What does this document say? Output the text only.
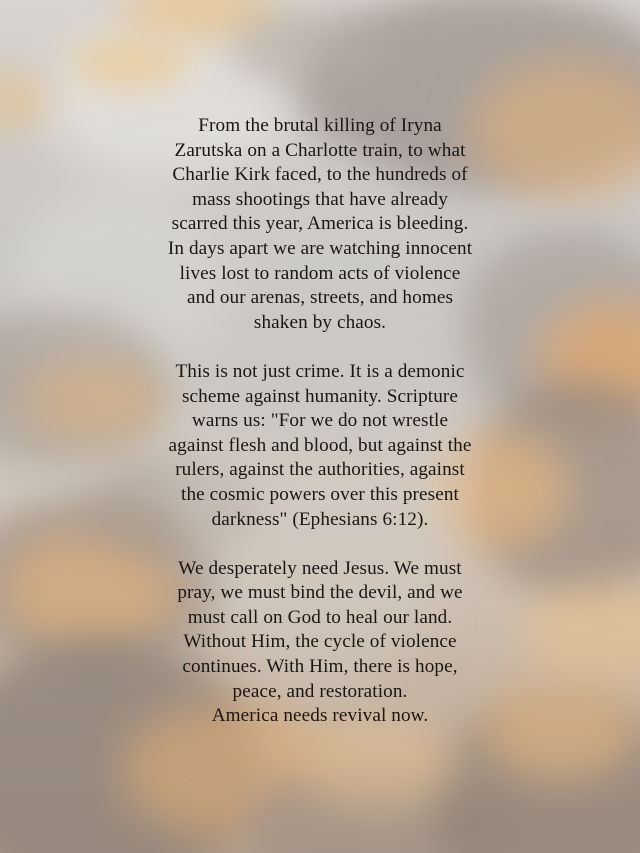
From the brutal killing of Iryna
Zarutska on a Charlotte train, to what
Charlie Kirk faced, to the hundreds of
mass shootings that have already
scarred this year, America is bleeding.
In days apart we are watching innocent
lives lost to random acts of violence
and our arenas, streets, and homes
shaken by chaos.

This is not just crime. It is a demonic
scheme against humanity. Scripture
warns us: "For we do not wrestle
against flesh and blood, but against the
rulers, against the authorities, against
the cosmic powers over this present
darkness" (Ephesians 6:12).

We desperately need Jesus. We must
pray, we must bind the devil, and we
must call on God to heal our land.
Without Him, the cycle of violence
continues. With Him, there is hope,
peace, and restoration.
America needs revival now.
